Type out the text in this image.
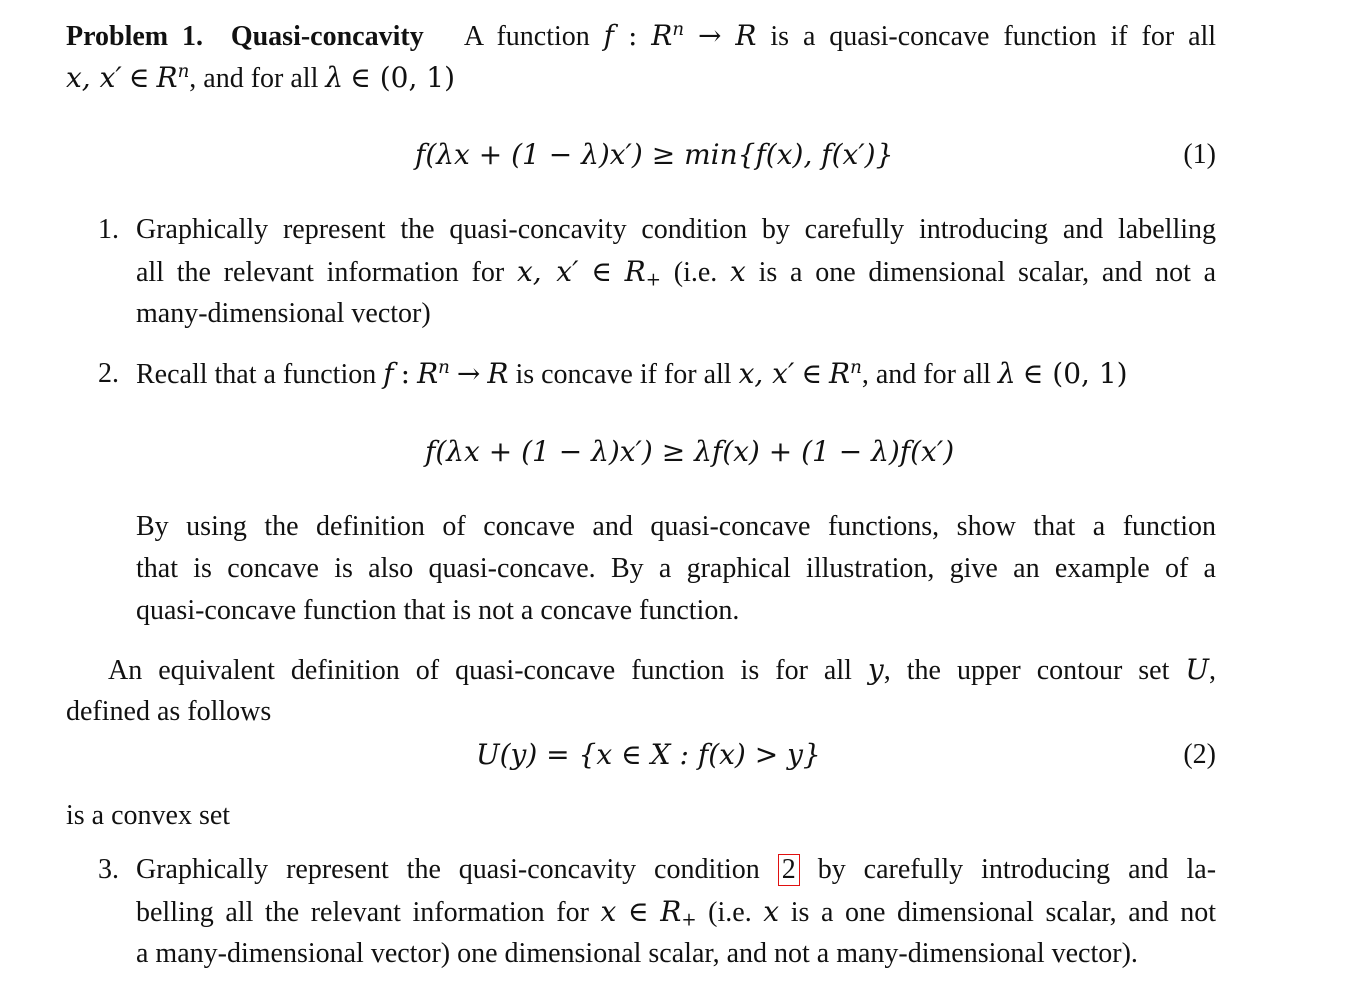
Problem 1. Quasi-concavity A function f : $R^n \to R$ is a quasi-concave function if for all
x, x′ ∈ $R^n$, and for all λ ∈ (0, 1)
f(λx + (1 − λ)x′) ≥ min{f(x), f(x′)}	(1)
1. Graphically represent the quasi-concavity condition by carefully introducing and labelling
all the relevant information for x, x′ ∈ $R_+$ (i.e. x is a one dimensional scalar, and not a
many-dimensional vector)
2. Recall that a function f : $R^n \to R$ is concave if for all x, x′ ∈ $R^n$, and for all λ ∈ (0, 1)
f(λx + (1 − λ)x′) ≥ λf(x) + (1 − λ)f(x′)
By using the definition of concave and quasi-concave functions, show that a function
that is concave is also quasi-concave. By a graphical illustration, give an example of a
quasi-concave function that is not a concave function.
An equivalent definition of quasi-concave function is for all y, the upper contour set U,
defined as follows
U(y) = {x ∈ X : f(x) > y}	(2)
is a convex set
3. Graphically represent the quasi-concavity condition 2 by carefully introducing and la-
belling all the relevant information for x ∈ $R_+$ (i.e. x is a one dimensional scalar, and not
a many-dimensional vector) one dimensional scalar, and not a many-dimensional vector).
